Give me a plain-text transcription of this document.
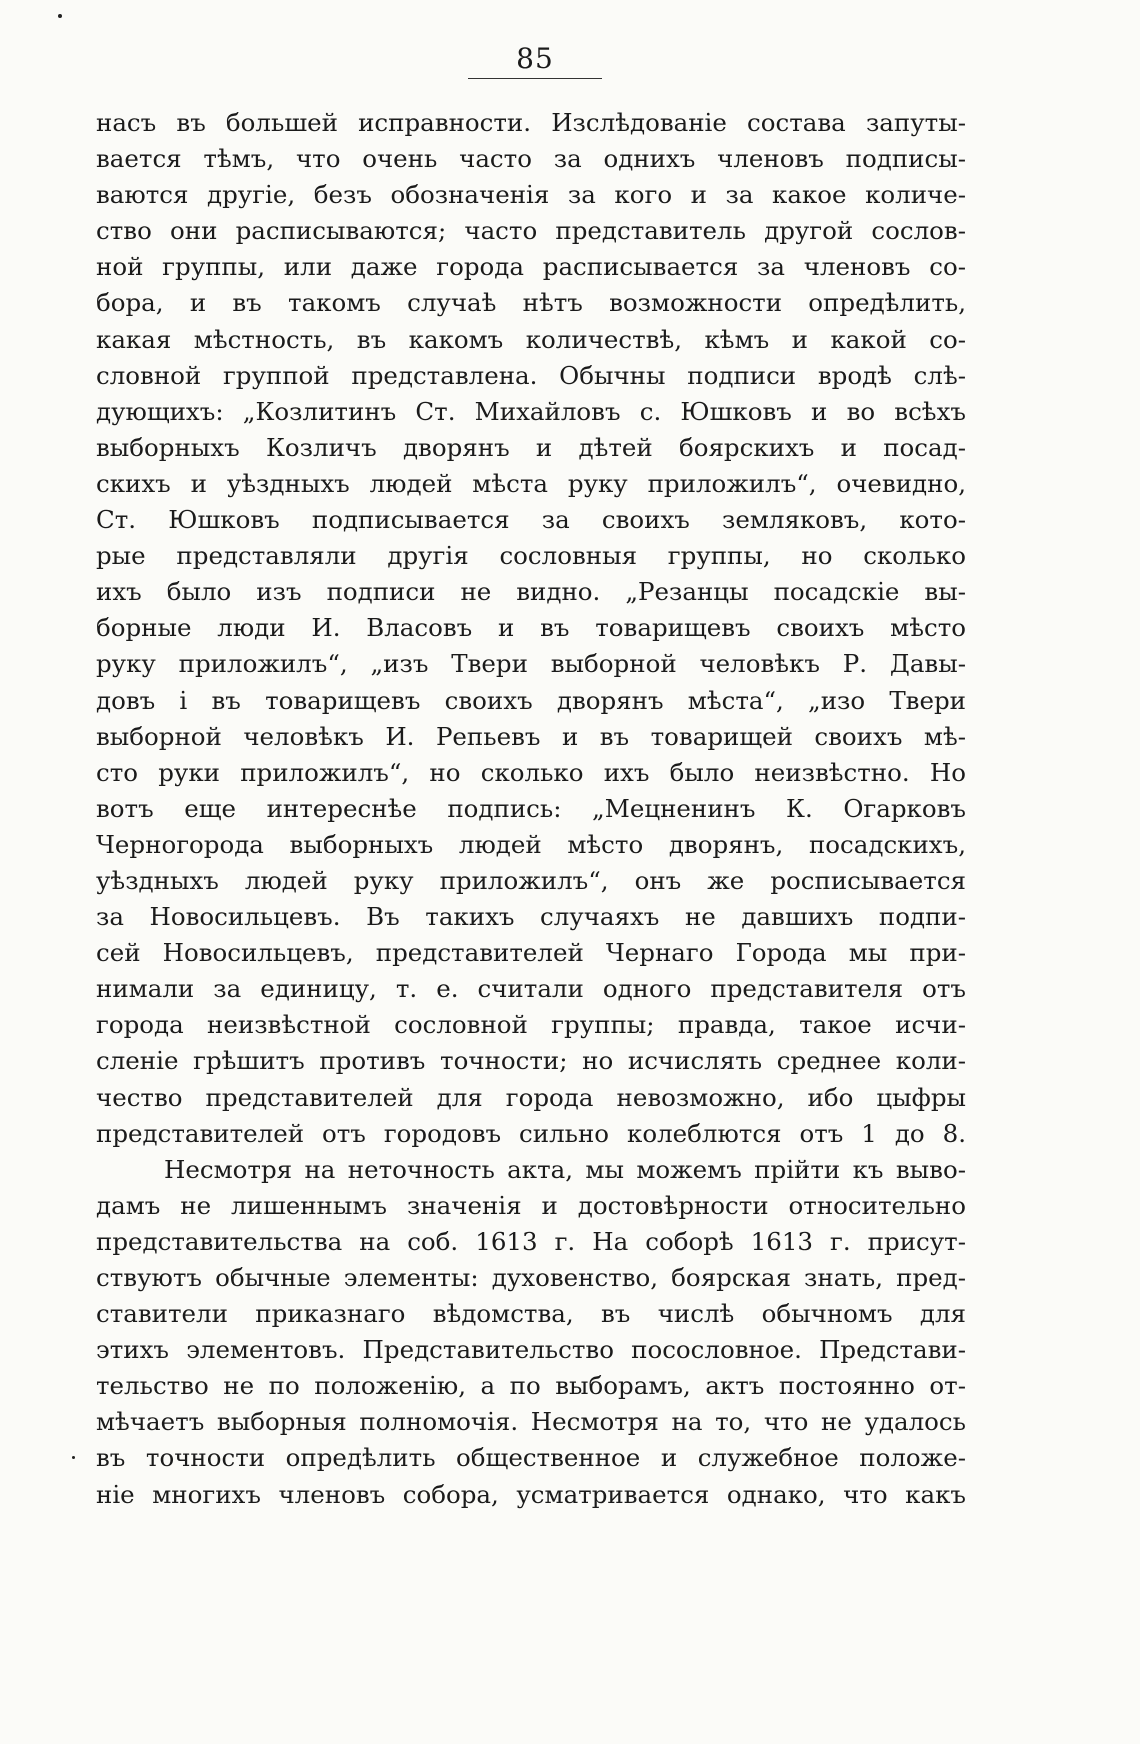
85
насъ въ большей исправности. Изслѣдованіе состава запуты-
вается тѣмъ, что очень часто за однихъ членовъ подписы-
ваются другіе, безъ обозначенія за кого и за какое количе-
ство они расписываются; часто представитель другой сослов-
ной группы, или даже города расписывается за членовъ со-
бора, и въ такомъ случаѣ нѣтъ возможности опредѣлить,
какая мѣстность, въ какомъ количествѣ, кѣмъ и какой со-
словной группой представлена. Обычны подписи вродѣ слѣ-
дующихъ: „Козлитинъ Ст. Михайловъ с. Юшковъ и во всѣхъ
выборныхъ Козличъ дворянъ и дѣтей боярскихъ и посад-
скихъ и уѣздныхъ людей мѣста руку приложилъ“, очевидно,
Ст. Юшковъ подписывается за своихъ земляковъ, кото-
рые представляли другія сословныя группы, но сколько
ихъ было изъ подписи не видно. „Резанцы посадскіе вы-
борные люди И. Власовъ и въ товарищевъ своихъ мѣсто
руку приложилъ“, „изъ Твери выборной человѣкъ Р. Давы-
довъ і въ товарищевъ своихъ дворянъ мѣста“, „изо Твери
выборной человѣкъ И. Репьевъ и въ товарищей своихъ мѣ-
сто руки приложилъ“, но сколько ихъ было неизвѣстно. Но
вотъ еще интереснѣе подпись: „Мецненинъ К. Огарковъ
Черногорода выборныхъ людей мѣсто дворянъ, посадскихъ,
уѣздныхъ людей руку приложилъ“, онъ же росписывается
за Новосильцевъ. Въ такихъ случаяхъ не давшихъ подпи-
сей Новосильцевъ, представителей Чернаго Города мы при-
нимали за единицу, т. е. считали одного представителя отъ
города неизвѣстной сословной группы; правда, такое исчи-
сленіе грѣшитъ противъ точности; но исчислять среднее коли-
чество представителей для города невозможно, ибо цыфры
представителей отъ городовъ сильно колеблются отъ 1 до 8.
Несмотря на неточность акта, мы можемъ прійти къ выво-
дамъ не лишеннымъ значенія и достовѣрности относительно
представительства на соб. 1613 г. На соборѣ 1613 г. присут-
ствуютъ обычные элементы: духовенство, боярская знать, пред-
ставители приказнаго вѣдомства, въ числѣ обычномъ для
этихъ элементовъ. Представительство посословное. Представи-
тельство не по положенію, а по выборамъ, актъ постоянно от-
мѣчаетъ выборныя полномочія. Несмотря на то, что не удалось
въ точности опредѣлить общественное и служебное положе-
ніе многихъ членовъ собора, усматривается однако, что какъ
